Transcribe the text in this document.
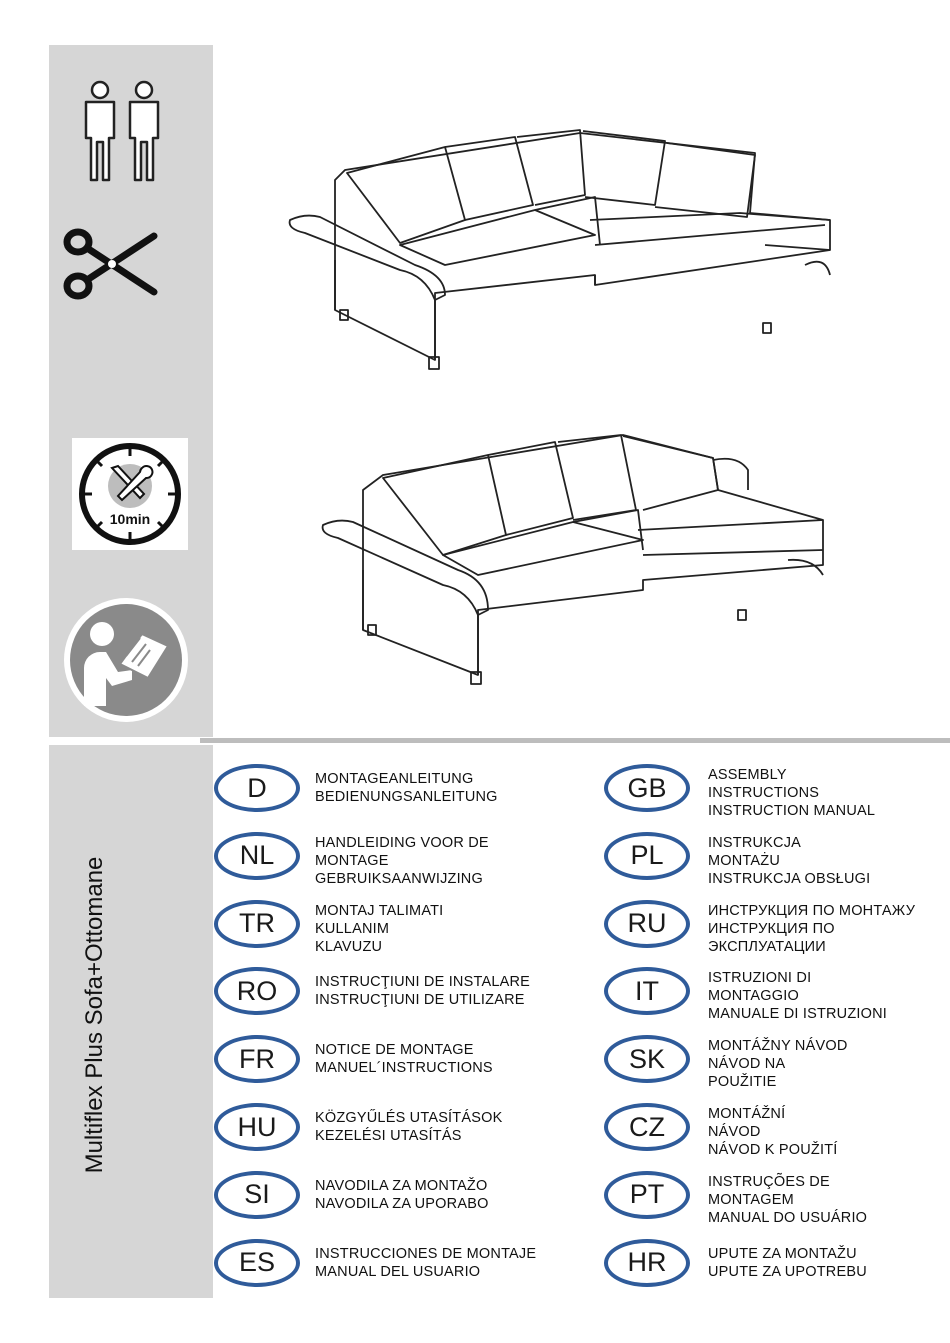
10min
Multiflex Plus Sofa+Ottomane
D	MONTAGEANLEITUNG
BEDIENUNGSANLEITUNG
NL	HANDLEIDING VOOR DE
MONTAGE
GEBRUIKSAANWIJZING
TR	MONTAJ TALIMATI
KULLANIM
KLAVUZU
RO	INSTRUCŢIUNI DE INSTALARE
INSTRUCŢIUNI DE UTILIZARE
FR	NOTICE DE MONTAGE
MANUEL´INSTRUCTIONS
HU	KÖZGYŰLÉS UTASÍTÁSOK
KEZELÉSI UTASÍTÁS
SI	NAVODILA ZA MONTAŽO
NAVODILA ZA UPORABO
ES	INSTRUCCIONES DE MONTAJE
MANUAL DEL USUARIO
GB	ASSEMBLY
INSTRUCTIONS
INSTRUCTION MANUAL
PL	INSTRUKCJA
MONTAŻU
INSTRUKCJA OBSŁUGI
RU	ИНСТРУКЦИЯ ПО МОНТАЖУ
ИНСТРУКЦИЯ ПО
ЭКСПЛУАТАЦИИ
IT	ISTRUZIONI DI
MONTAGGIO
MANUALE DI ISTRUZIONI
SK	MONTÁŽNY NÁVOD
NÁVOD NA
POUŽITIE
CZ	MONTÁŽNÍ
NÁVOD
NÁVOD K POUŽITÍ
PT	INSTRUÇÕES DE
MONTAGEM
MANUAL DO USUÁRIO
HR	UPUTE ZA MONTAŽU
UPUTE ZA UPOTREBU
